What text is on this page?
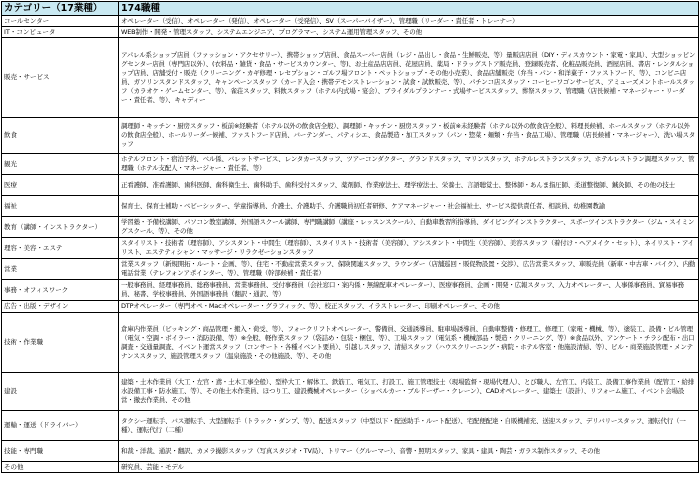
カテゴリー（17業種）	174職種
コールセンター	オペレーター（受信）、オペレーター（発信）、オペレーター（受発信）、SV（スーパーバイザー）、管理職（リーダー・責任者・トレーナー）
IT・コンピュータ	WEB制作・開発・管理スタッフ、システムエンジニア、プログラマー、システム運用管理スタッフ、その他
販売・サービス	アパレル系ショップ店員（ファッション・アクセサリー）、携帯ショップ店員、食品スーパー店員（レジ・品出し・食品・生鮮販売、等）量販店店員（DIY・ディスカウント・家電・家具）、大型ショッピングセンター店員（専門店以外）、(衣料品・雑貨・食品・サービスカウンター、等)、お土産品店店員、花屋店員、薬局・ドラッグストア販売員、登録販売者、化粧品販売員、酒屋店員、書店・レンタルショップ店員、店舗受付・販売（クリーニング・カギ修理・レセプション・ゴルフ場フロント・ペットショップ・その他小売業）、食品店舗販売（弁当・パン・和洋菓子・ファストフード、等）、コンビニ店員、ガソリンスタンドスタッフ、キャンペーンスタッフ（カード入会・携帯デモンストレーション・試食・試飲販売、等）、パチンコ店スタッフ・コーヒーワゴンサービス、アミューズメントホールスタッフ（カラオケ・ゲームセンター、等）、雀荘スタッフ、料飲スタッフ（ホテル内式場・宴会）、ブライダルプランナー・式場サービススタッフ、葬祭スタッフ、管理職（店長候補・マネージャー・リーダー・責任者、等）、キャディー
飲食	調理師・キッチン・厨房スタッフ・板前※経験者（ホテル以外の飲食店全般）、調理師・キッチン・厨房スタッフ・板前※未経験者（ホテル以外の飲食店全般）、料理長候補、ホールスタッフ（ホテル以外の飲食店全般）、ホールリーダー候補、ファストフード店員、バーテンダー、パティシエ、食品製造・加工スタッフ（パン・惣菜・麺類・弁当・食品工場）、管理職（店長候補・マネージャー）、洗い場スタッフ
観光	ホテルフロント・宿泊予約、ベル係、バレットサービス、レンタカースタッフ、ツアーコンダクター、グランドスタッフ、マリンスタッフ、ホテルレストランスタッフ、ホテルレストラン調理スタッフ、管理職（ホテル支配人・マネージャー・責任者、等）
医療	正看護師、准看護師、歯科医師、歯科衛生士、歯科助手、歯科受付スタッフ、薬剤師、作業療法士、理学療法士、栄養士、言語聴覚士、整体師・あんま指圧師、柔道整復師、鍼灸師、その他の技士
福祉	保育士、保育士補助・ベビーシッター、学童指導員、介護士、介護助手、介護職員初任者研修、ケアマネージャー・社会福祉士、サービス提供責任者、相談員、幼稚園教諭
教育（講師・インストラクター）	学習塾・予備校講師、パソコン教室講師、外国語スクール講師、専門職講師（講座・レッスンスクール）、自動車教習所指導員、ダイビングインストラクター、スポーツインストラクター（ジム・スイミングスクール、等）、その他
理容・美容・エステ	スタイリスト・技術者（理容師）、アシスタント・中間生（理容師）、スタイリスト・技術者（美容師）、アシスタント・中間生（美容師）、美容スタッフ（着付け・ヘアメイク・セット）、ネイリスト・アイリスト、エステティシャン・マッサージ・リラクゼーションスタッフ
営業	営業スタッフ（新規開拓・ルート・企画、等）、住宅・不動産営業スタッフ、保険関連スタッフ、ラウンダー（店舗巡回・販促物設置・交渉）、広告営業スタッフ、車販売員（新車・中古車・バイク）、内勤電話営業（テレフォンアポインター、等）、管理職（幹部候補・責任者）
事務・オフィスワーク	一般事務員、経理事務員、総務事務員、営業事務員、受付事務員（会社窓口・案内係・無線配車オペレーター）、医療事務員、企画・開発・広報スタッフ、入力オペレーター、人事係事務員、貿易事務員、秘書、学校事務員、外国語事務員（翻訳・通訳、等）
広告・出版・デザイン	DTPオペレーター（専門オペ・Macオペレーター・グラフィック、等）、校正スタッフ、イラストレーター、印刷オペレーター、その他
技術・作業職	倉庫内作業員（ピッキング・商品管理・搬入・荷受、等）、フォークリフトオペレーター、警備員、交通誘導員、駐車場誘導員、自動車整備・修理工、修理工（家電・機械、等）、塗装工、設備・ビル管理（電気・空調・ボイラー・消防設備、等）※全般、軽作業スタッフ（袋詰め・包装・梱包、等）、工場スタッフ（電気系・機械部品・製造・クリーニング、等）※食品以外、アンケート・チラシ配布・出口調査・交通量調査、イベント運営スタッフ（コンサート・各種イベント要員）、引越しスタッフ、清掃スタッフ（ハウスクリーニング・病院・ホテル客室・他施設清掃、等）、ビル・商業施設管理・メンテナンススタッフ、施設管理スタッフ（温泉施設・その他施設、等）、その他
建設	建築・土木作業員（大工・左官・鳶・土木工事全般）、型枠大工・解体工、鉄筋工、電気工、打設工、施工管理技士（現場監督・現場代理人）、とび職人、左官工、内装工、設備工事作業員（配管工・給排水設備工事・防水施工、等）、その他土木作業員、ほつり工、建設機械オペレーター（ショベルカー・ブルドーザー・クレーン）、CADオペレーター、建築士（設計）、リフォーム施工、イベント会場設営・撤去作業員、その他
運輸・運送（ドライバー）	タクシー運転手、バス運転手、大型運転手（トラック・ダンプ、等）、配送スタッフ（中型以下・配送助手・ルート配送）、宅配便配達・自販機補充、送迎スタッフ、デリバリースタッフ、運転代行（一種）、運転代行（二種）
技能・専門職	和裁・洋裁、通訳・翻訳、カメラ撮影スタッフ（写真スタジオ・TV局）、トリマー（グルーマー）、音響・照明スタッフ、家具・建具・陶芸・ガラス制作スタッフ、その他
その他	研究員、芸能・モデル
